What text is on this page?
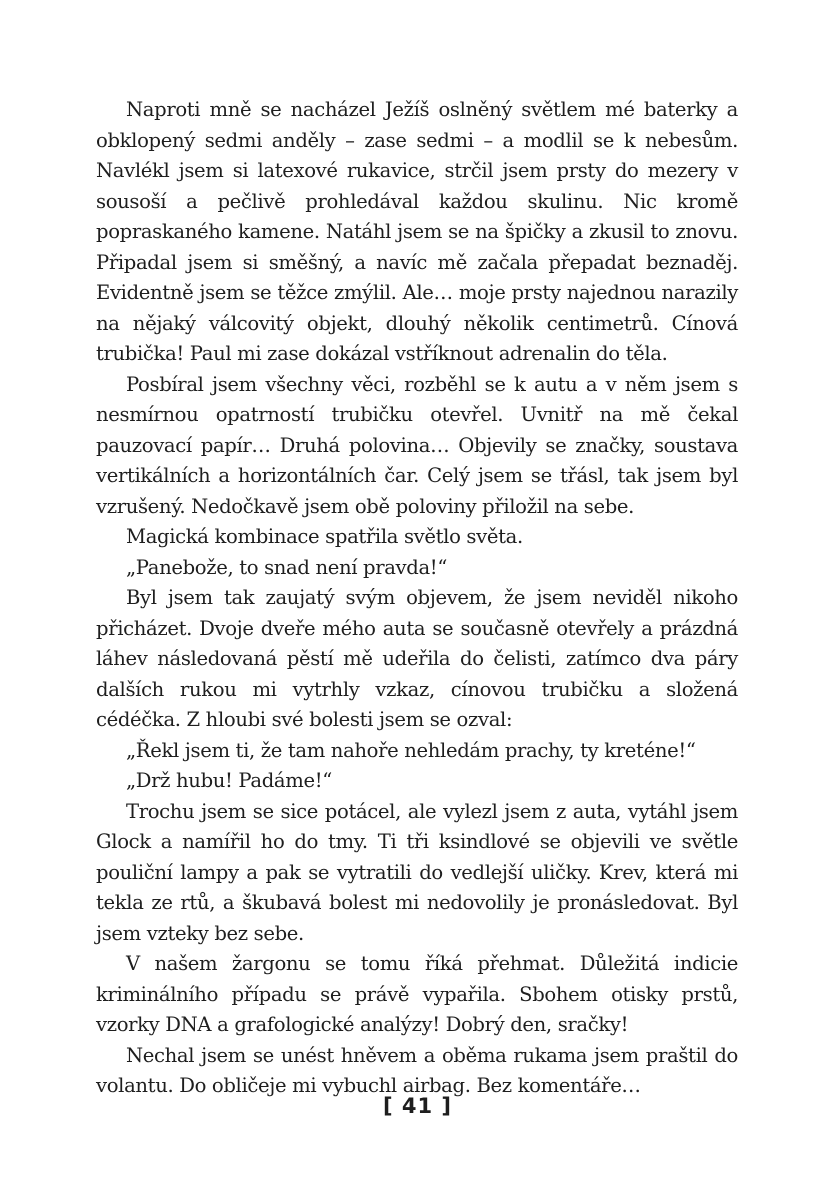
Naproti mně se nacházel Ježíš oslněný světlem mé baterky a obklopený sedmi anděly – zase sedmi – a modlil se k nebesům. Navlékl jsem si latexové rukavice, strčil jsem prsty do mezery v sousoší a pečlivě prohledával každou skulinu. Nic kromě popraskaného kamene. Natáhl jsem se na špičky a zkusil to znovu. Připadal jsem si směšný, a navíc mě začala přepadat beznaděj. Evidentně jsem se těžce zmýlil. Ale… moje prsty najednou narazily na nějaký válcovitý objekt, dlouhý několik centimetrů. Cínová trubička! Paul mi zase dokázal vstříknout adrenalin do těla.

Posbíral jsem všechny věci, rozběhl se k autu a v něm jsem s nesmírnou opatrností trubičku otevřel. Uvnitř na mě čekal pauzovací papír… Druhá polovina… Objevily se značky, soustava vertikálních a horizontálních čar. Celý jsem se třásl, tak jsem byl vzrušený. Nedočkavě jsem obě poloviny přiložil na sebe.

Magická kombinace spatřila světlo světa.

„Panebože, to snad není pravda!“

Byl jsem tak zaujatý svým objevem, že jsem neviděl nikoho přicházet. Dvoje dveře mého auta se současně otevřely a prázdná láhev následovaná pěstí mě udeřila do čelisti, zatímco dva páry dalších rukou mi vytrhly vzkaz, cínovou trubičku a složená cédéčka. Z hloubi své bolesti jsem se ozval:

„Řekl jsem ti, že tam nahoře nehledám prachy, ty kreténe!“

„Drž hubu! Padáme!“

Trochu jsem se sice potácel, ale vylezl jsem z auta, vytáhl jsem Glock a namířil ho do tmy. Ti tři ksindlové se objevili ve světle pouliční lampy a pak se vytratili do vedlejší uličky. Krev, která mi tekla ze rtů, a škubavá bolest mi nedovolily je pronásledovat. Byl jsem vzteky bez sebe.

V našem žargonu se tomu říká přehmat. Důležitá indicie kriminálního případu se právě vypařila. Sbohem otisky prstů, vzorky DNA a grafologické analýzy! Dobrý den, sračky!

Nechal jsem se unést hněvem a oběma rukama jsem praštil do volantu. Do obličeje mi vybuchl airbag. Bez komentáře…

[ 41 ]
